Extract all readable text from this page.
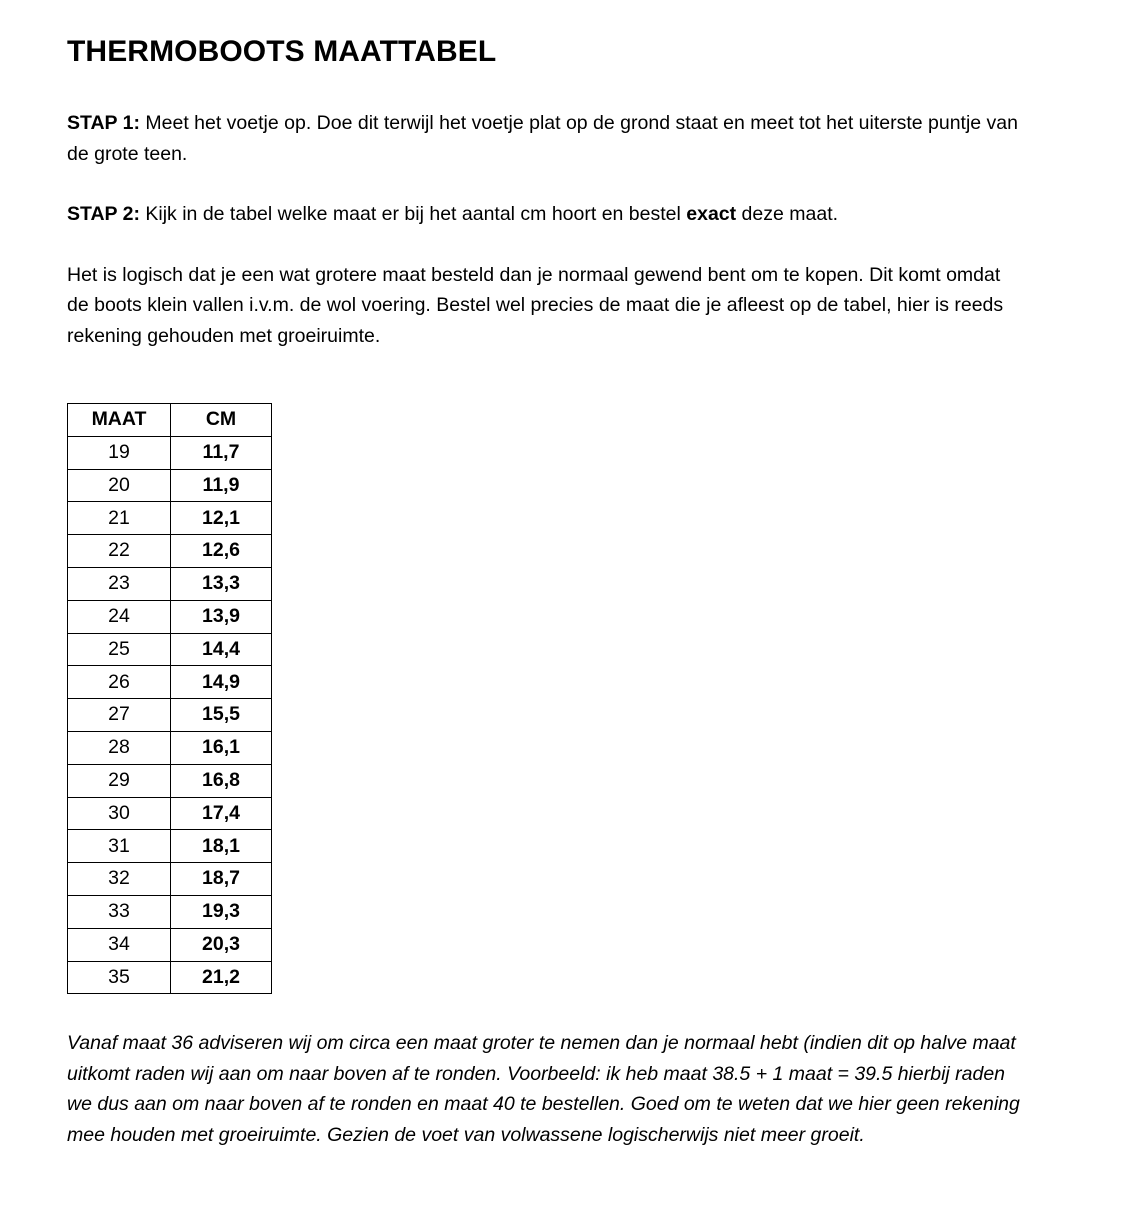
THERMOBOOTS MAATTABEL

STAP 1: Meet het voetje op. Doe dit terwijl het voetje plat op de grond staat en meet tot het uiterste puntje van de grote teen.

STAP 2: Kijk in de tabel welke maat er bij het aantal cm hoort en bestel exact deze maat.

Het is logisch dat je een wat grotere maat besteld dan je normaal gewend bent om te kopen. Dit komt omdat de boots klein vallen i.v.m. de wol voering. Bestel wel precies de maat die je afleest op de tabel, hier is reeds rekening gehouden met groeiruimte.

MAAT	CM
19	11,7
20	11,9
21	12,1
22	12,6
23	13,3
24	13,9
25	14,4
26	14,9
27	15,5
28	16,1
29	16,8
30	17,4
31	18,1
32	18,7
33	19,3
34	20,3
35	21,2

Vanaf maat 36 adviseren wij om circa een maat groter te nemen dan je normaal hebt (indien dit op halve maat uitkomt raden wij aan om naar boven af te ronden. Voorbeeld: ik heb maat 38.5 + 1 maat = 39.5 hierbij raden we dus aan om naar boven af te ronden en maat 40 te bestellen. Goed om te weten dat we hier geen rekening mee houden met groeiruimte. Gezien de voet van volwassene logischerwijs niet meer groeit.
